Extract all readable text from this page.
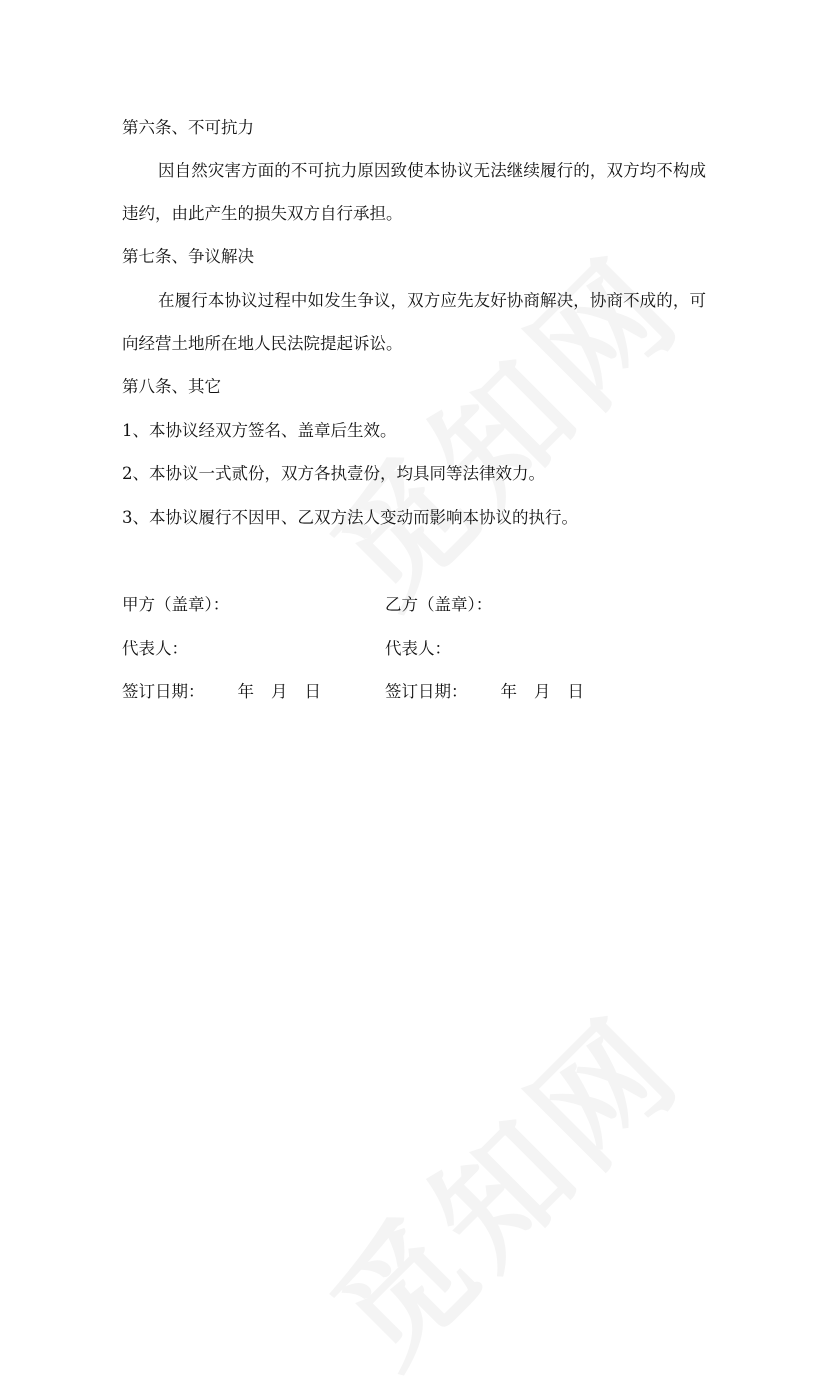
第六条、不可抗力
因自然灾害方面的不可抗力原因致使本协议无法继续履行的，双方均不构成
违约，由此产生的损失双方自行承担。
第七条、争议解决
在履行本协议过程中如发生争议，双方应先友好协商解决，协商不成的，可
向经营土地所在地人民法院提起诉讼。
第八条、其它
1、本协议经双方签名、盖章后生效。
2、本协议一式贰份，双方各执壹份，均具同等法律效力。
3、本协议履行不因甲、乙双方法人变动而影响本协议的执行。
甲方（盖章）：
代表人：
签订日期： 年 月 日
乙方（盖章）：
代表人：
签订日期： 年 月 日
